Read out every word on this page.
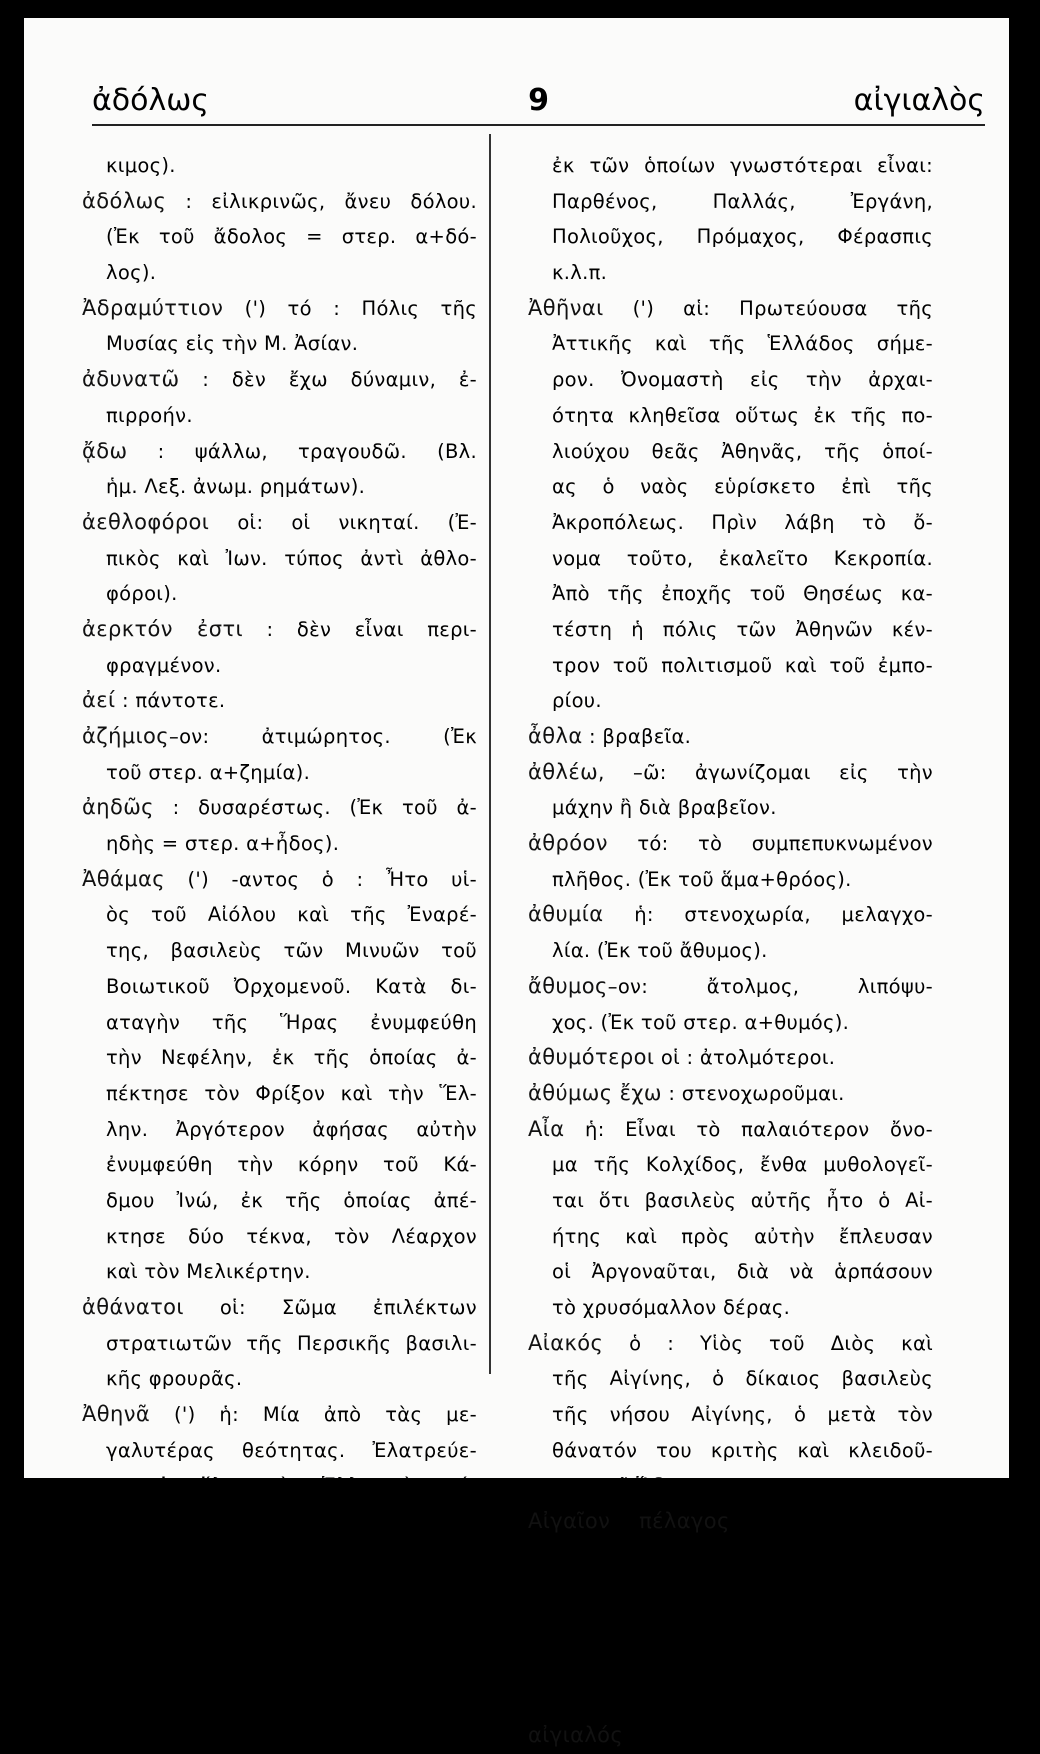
ἀδόλως	9	αἰγιαλὸς
κιμος).
ἀδόλως : εἰλικρινῶς, ἄνευ δόλου.
(Ἐκ τοῦ ἄδολος = στερ. α+δό-
λος).
Ἀδραμύττιον (') τό : Πόλις τῆς
Μυσίας εἰς τὴν Μ. Ἀσίαν.
ἀδυνατῶ : δὲν ἔχω δύναμιν, ἐ-
πιρροήν.
ᾄδω : ψάλλω, τραγουδῶ. (Βλ.
ἡμ. Λεξ. ἀνωμ. ρημάτων).
ἀεθλοφόροι οἱ: οἱ νικηταί. (Ἐ-
πικὸς καὶ Ἰων. τύπος ἀντὶ ἀθλο-
φόροι).
ἀερκτόν ἐστι : δὲν εἶναι περι-
φραγμένον.
ἀεί : πάντοτε.
ἀζήμιος–ον: ἀτιμώρητος. (Ἐκ
τοῦ στερ. α+ζημία).
ἀηδῶς : δυσαρέστως. (Ἐκ τοῦ ἀ-
ηδὴς = στερ. α+ἦδος).
Ἀθάμας (') -αντος ὁ : Ἦτο υἱ-
ὸς τοῦ Αἰόλου καὶ τῆς Ἐναρέ-
της, βασιλεὺς τῶν Μινυῶν τοῦ
Βοιωτικοῦ Ὀρχομενοῦ. Κατὰ δι-
αταγὴν τῆς Ἥρας ἐνυμφεύθη
τὴν Νεφέλην, ἐκ τῆς ὁποίας ἀ-
πέκτησε τὸν Φρίξον καὶ τὴν Ἕλ-
λην. Ἀργότερον ἀφήσας αὐτὴν
ἐνυμφεύθη τὴν κόρην τοῦ Κά-
δμου Ἰνώ, ἐκ τῆς ὁποίας ἀπέ-
κτησε δύο τέκνα, τὸν Λέαρχον
καὶ τὸν Μελικέρτην.
ἀθάνατοι οἱ: Σῶμα ἐπιλέκτων
στρατιωτῶν τῆς Περσικῆς βασιλι-
κῆς φρουρᾶς.
Ἀθηνᾶ (') ἡ: Μία ἀπὸ τὰς με-
γαλυτέρας θεότητας. Ἐλατρεύε-
το εἰς ὅλον τὸν Ἑλληνικὸν κό-
σμον καὶ ἰδιαιτέρως εἰς τὰς Ἀ-
θήνας, τῶν ὁποίων εἶχεν ἀναλά-
βει καὶ τὴν προστασίαν. Ἦτο θυ-
γάτηρ τοῦ Διὸς καὶ θεὰ τῆς σο-
φίας καὶ φρονήσεως. Ἱερὸν σύμ-
βολον αὐτῆς ἐθεωρεῖτο ἡ γλαύξ.
Ἔφερε δὲ καὶ πολλὰς ἐπωνυμίας,
ἐκ τῶν ὁποίων γνωστότεραι εἶναι:
Παρθένος, Παλλάς, Ἐργάνη,
Πολιοῦχος, Πρόμαχος, Φέρασπις
κ.λ.π.
Ἀθῆναι (') αἱ: Πρωτεύουσα τῆς
Ἀττικῆς καὶ τῆς Ἑλλάδος σήμε-
ρον. Ὀνομαστὴ εἰς τὴν ἀρχαι-
ότητα κληθεῖσα οὕτως ἐκ τῆς πο-
λιούχου θεᾶς Ἀθηνᾶς, τῆς ὁποί-
ας ὁ ναὸς εὑρίσκετο ἐπὶ τῆς
Ἀκροπόλεως. Πρὶν λάβη τὸ ὄ-
νομα τοῦτο, ἐκαλεῖτο Κεκροπία.
Ἀπὸ τῆς ἐποχῆς τοῦ Θησέως κα-
τέστη ἡ πόλις τῶν Ἀθηνῶν κέν-
τρον τοῦ πολιτισμοῦ καὶ τοῦ ἐμπο-
ρίου.
ἆθλα : βραβεῖα.
ἀθλέω, –ῶ: ἀγωνίζομαι εἰς τὴν
μάχην ἢ διὰ βραβεῖον.
ἀθρόον τό: τὸ συμπεπυκνωμένον
πλῆθος. (Ἐκ τοῦ ἅμα+θρόος).
ἀθυμία ἡ: στενοχωρία, μελαγχο-
λία. (Ἐκ τοῦ ἄθυμος).
ἄθυμος–ον: ἄτολμος, λιπόψυ-
χος. (Ἐκ τοῦ στερ. α+θυμός).
ἀθυμότεροι οἱ : ἀτολμότεροι.
ἀθύμως ἔχω : στενοχωροῦμαι.
Αἶα ἡ: Εἶναι τὸ παλαιότερον ὄνο-
μα τῆς Κολχίδος, ἔνθα μυθολογεῖ-
ται ὅτι βασιλεὺς αὐτῆς ἦτο ὁ Αἰ-
ήτης καὶ πρὸς αὐτὴν ἔπλευσαν
οἱ Ἀργοναῦται, διὰ νὰ ἁρπάσουν
τὸ χρυσόμαλλον δέρας.
Αἰακός ὁ : Υἱὸς τοῦ Διὸς καὶ
τῆς Αἰγίνης, ὁ δίκαιος βασιλεὺς
τῆς νήσου Αἰγίνης, ὁ μετὰ τὸν
θάνατόν του κριτὴς καὶ κλειδοῦ-
χος τοῦ Ἅδου.
Αἰγαῖον πέλαγος τό: Κατὰ τὴν
μυθολογίαν τὸ γνωστὸν τοῦτο
πέλαγος ἔλαβε τὸ ὄνομα ἀπὸ τὸν
Αἰγέα, τὸν βασιλέα τῶν Ἀθηνῶν
καὶ πατέρα τοῦ Θησέως, ὁ ὁποῖος
ἐπνίγη εἰς αὐτό.
αἰγιαλός ὁ : ἀλίμενος παραλία.
